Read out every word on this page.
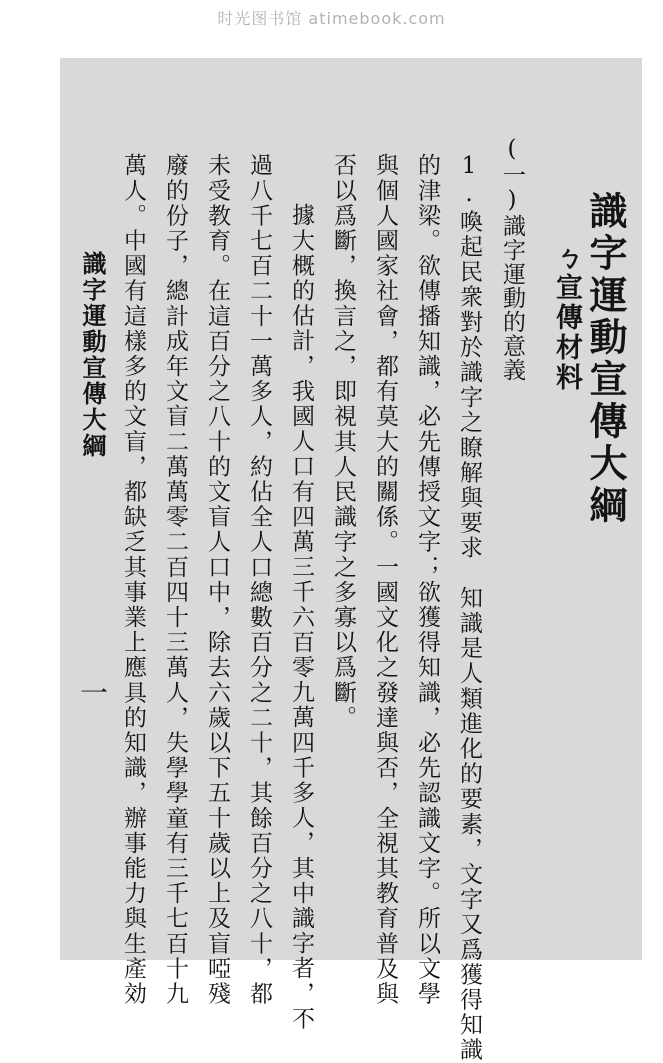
时光图书馆 atimebook.com
識字運動宣傳大綱
ㄅ宣傳材料
(一)識字運動的意義
1.喚起民衆對於識字之瞭解與要求　知識是人類進化的要素，文字又爲獲得知識
的津梁。欲傳播知識，必先傳授文字；欲獲得知識，必先認識文字。所以文學
與個人國家社會，都有莫大的關係。一國文化之發達與否，全視其教育普及與
否以爲斷，換言之，即視其人民識字之多寡以爲斷。
據大概的估計，我國人口有四萬三千六百零九萬四千多人，其中識字者，不
過八千七百二十一萬多人，約佔全人口總數百分之二十，其餘百分之八十，都
未受教育。在這百分之八十的文盲人口中，除去六歲以下五十歲以上及盲啞殘
廢的份子，總計成年文盲二萬萬零二百四十三萬人，失學學童有三千七百十九
萬人。中國有這樣多的文盲，都缺乏其事業上應具的知識，辦事能力與生產効
識字運動宣傳大綱
一
